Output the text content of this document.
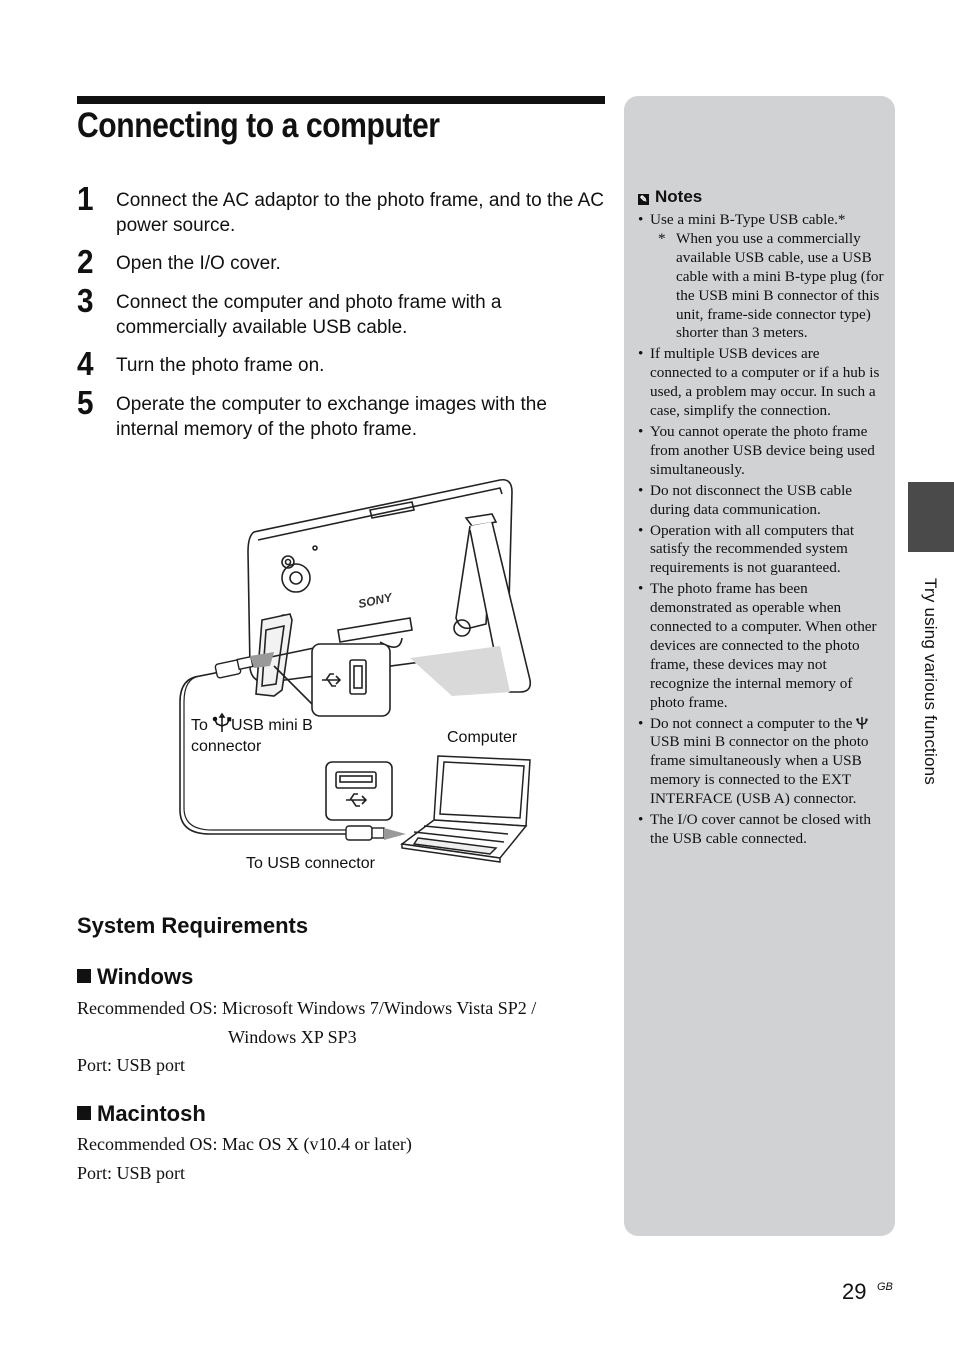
Connecting to a computer
1 Connect the AC adaptor to the photo frame, and to the AC power source.
2 Open the I/O cover.
3 Connect the computer and photo frame with a commercially available USB cable.
4 Turn the photo frame on.
5 Operate the computer to exchange images with the internal memory of the photo frame.
SONY
To USB mini B
connector
Computer
To USB connector
System Requirements
Windows
Recommended OS: Microsoft Windows 7/Windows Vista SP2 /
Windows XP SP3
Port: USB port
Macintosh
Recommended OS: Mac OS X (v10.4 or later)
Port: USB port
✎ Notes
• Use a mini B-Type USB cable.*
* When you use a commercially available USB cable, use a USB cable with a mini B-type plug (for the USB mini B connector of this unit, frame-side connector type) shorter than 3 meters.
• If multiple USB devices are connected to a computer or if a hub is used, a problem may occur. In such a case, simplify the connection.
• You cannot operate the photo frame from another USB device being used simultaneously.
• Do not disconnect the USB cable during data communication.
• Operation with all computers that satisfy the recommended system requirements is not guaranteed.
• The photo frame has been demonstrated as operable when connected to a computer. When other devices are connected to the photo frame, these devices may not recognize the internal memory of photo frame.
• Do not connect a computer to the  USB mini B connector on the photo frame simultaneously when a USB memory is connected to the EXT INTERFACE (USB A) connector.
• The I/O cover cannot be closed with the USB cable connected.
Try using various functions
29 GB
